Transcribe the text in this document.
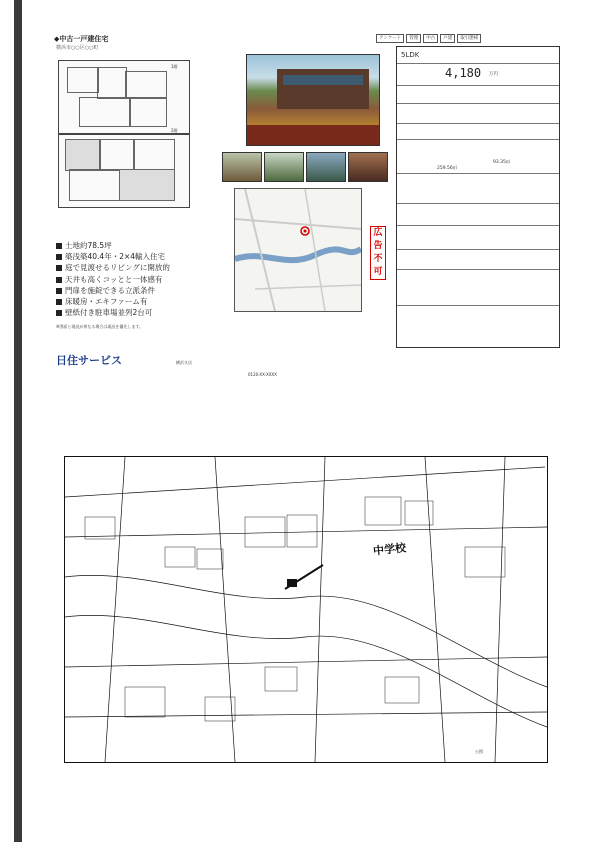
◆中古一戸建住宅
横浜市○○区○○町
アンケート	管理	中古	戸建	取引態様
1階
2階
広
告
不
可
土地約78.5坪
築浅築40.4年・2×4輸入住宅
庭で見渡せるリビングに開放的
天井も高くコッとと一体感有
門扉を施錠できる立派条件
床暖房・エキファーム有
壁紙付き駐車場並列2台可
5LDK
4,180 万円
93.35㎡
259.56㎡
※図面と現況が異なる場合は現況を優先します。
日住サービス	横浜支店
0120-XX-XXXX
中学校
公図
